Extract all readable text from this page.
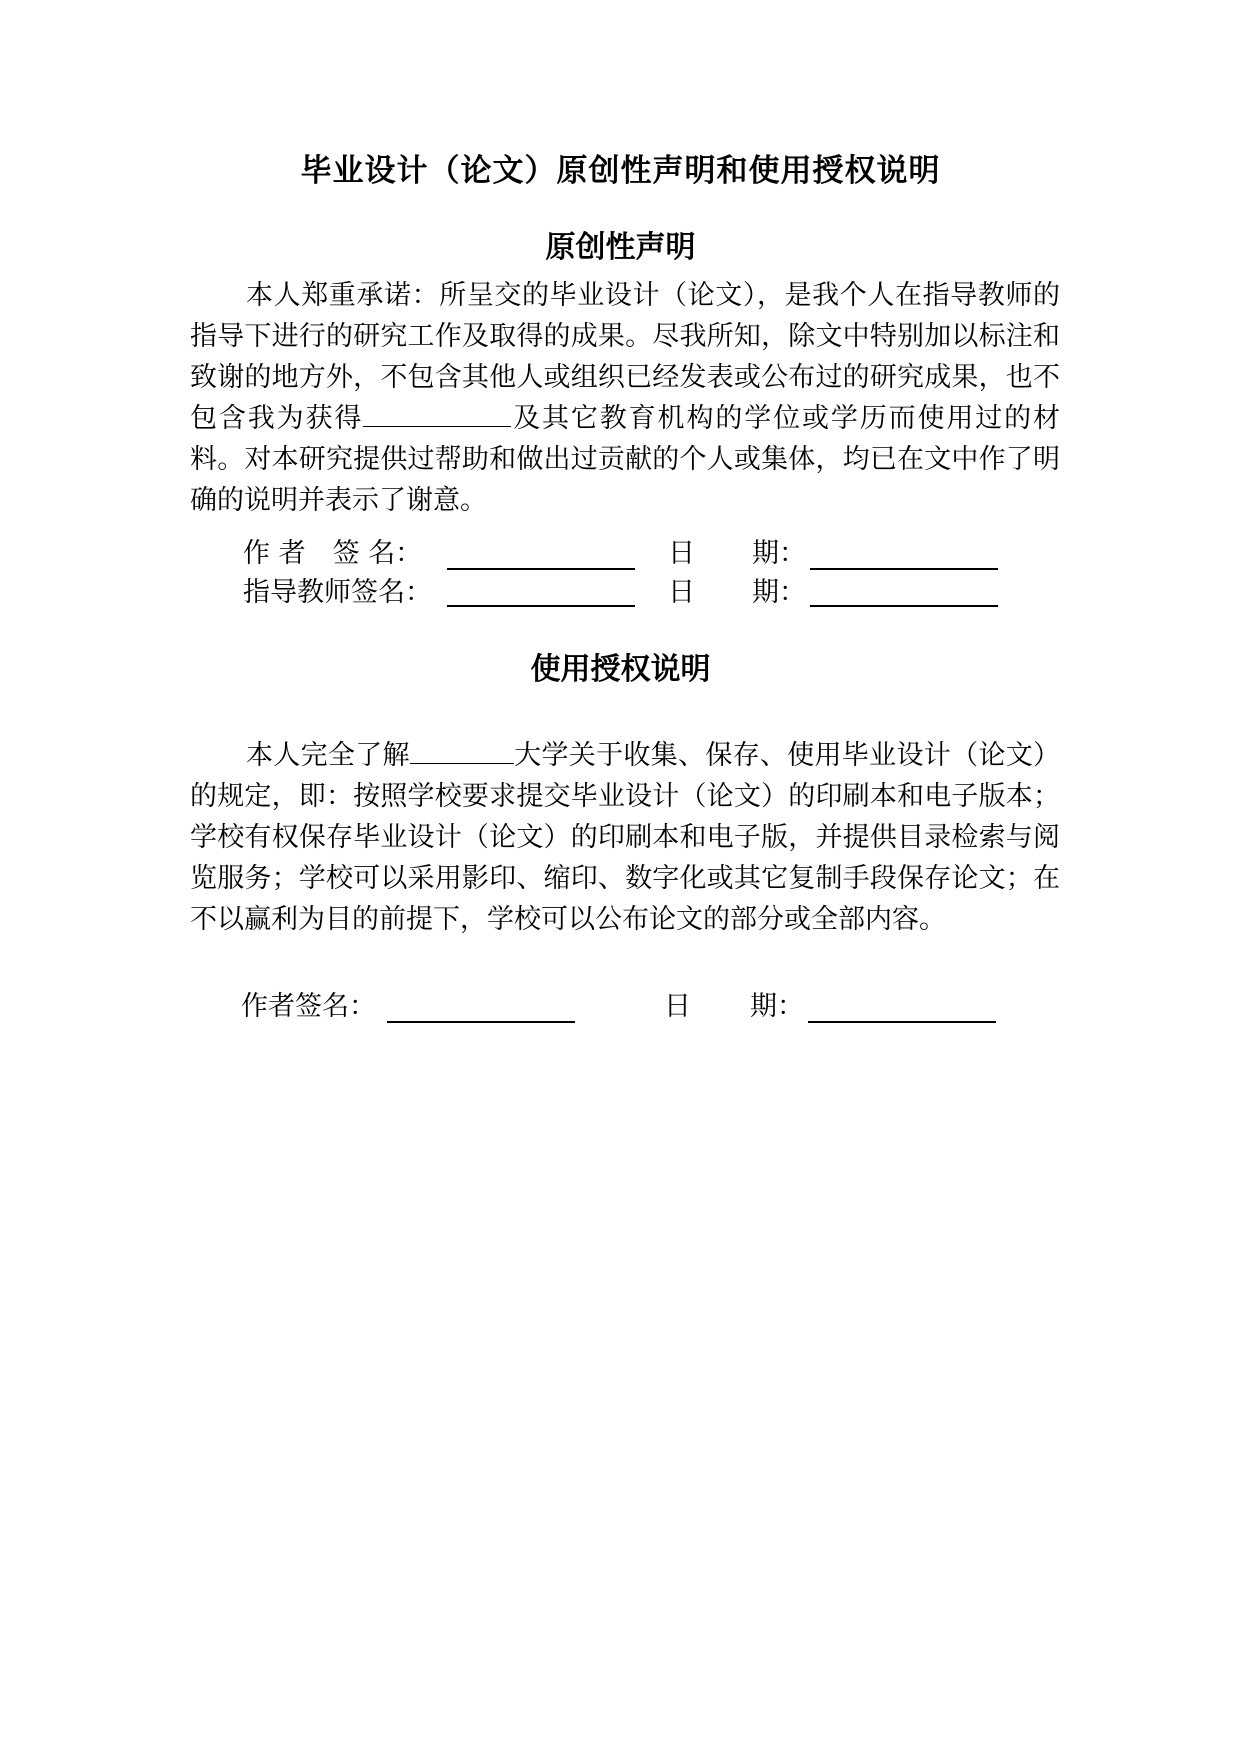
毕业设计（论文）原创性声明和使用授权说明
原创性声明

本人郑重承诺：所呈交的毕业设计（论文），是我个人在指导教师的指导下进行的研究工作及取得的成果。尽我所知，除文中特别加以标注和致谢的地方外，不包含其他人或组织已经发表或公布过的研究成果，也不包含我为获得	及其它教育机构的学位或学历而使用过的材料。对本研究提供过帮助和做出过贡献的个人或集体，均已在文中作了明确的说明并表示了谢意。

作 者　签 名：	日 期：
指导教师签名：	日 期：
使用授权说明

本人完全了解	大学关于收集、保存、使用毕业设计（论文）的规定，即：按照学校要求提交毕业设计（论文）的印刷本和电子版本；学校有权保存毕业设计（论文）的印刷本和电子版，并提供目录检索与阅览服务；学校可以采用影印、缩印、数字化或其它复制手段保存论文；在不以赢利为目的前提下，学校可以公布论文的部分或全部内容。

作者签名：	日 期：
